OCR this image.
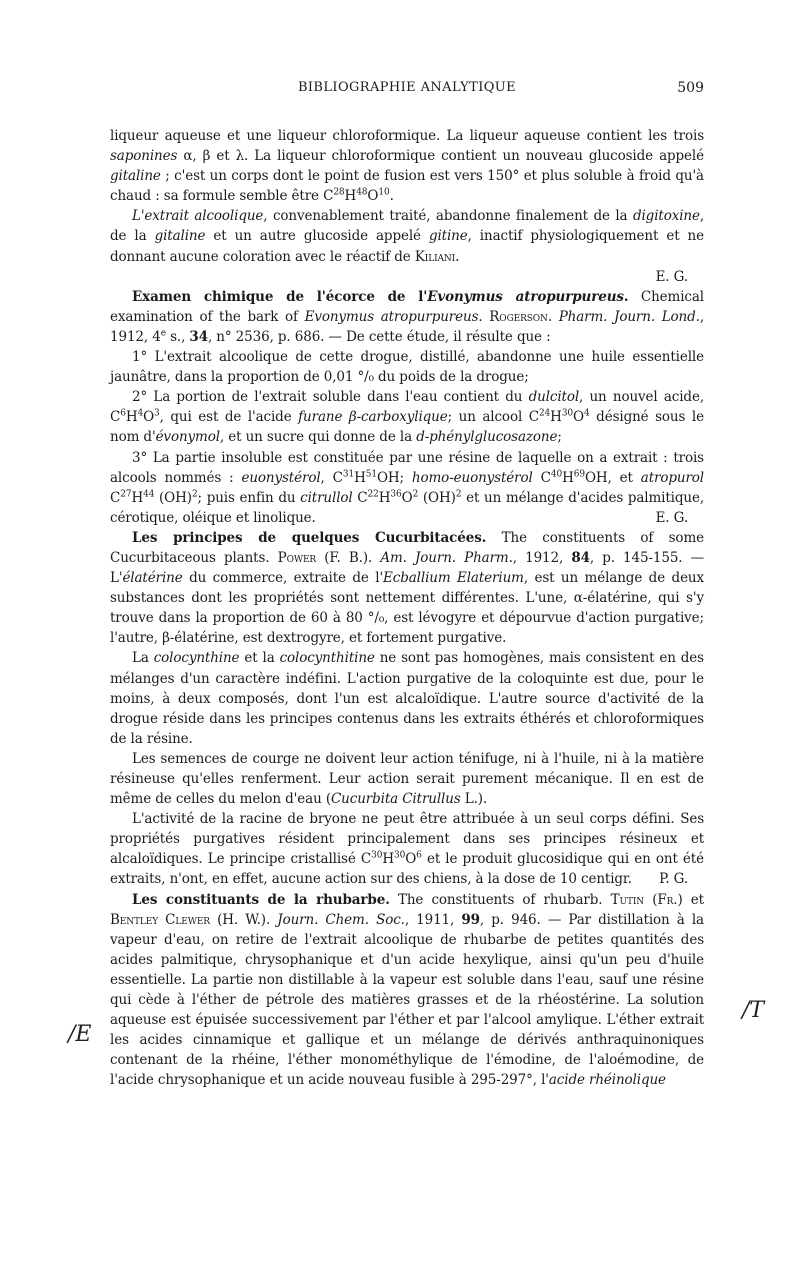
BIBLIOGRAPHIE ANALYTIQUE	509

liqueur aqueuse et une liqueur chloroformique. La liqueur aqueuse contient les trois saponines α, β et λ. La liqueur chloroformique contient un nouveau glucoside appelé gitaline ; c'est un corps dont le point de fusion est vers 150° et plus soluble à froid qu'à chaud : sa formule semble être $C^{28}H^{48}O^{10}$.

L'extrait alcoolique, convenablement traité, abandonne finalement de la digitoxine, de la gitaline et un autre glucoside appelé gitine, inactif physiologiquement et ne donnant aucune coloration avec le réactif de Kiliani.

E. G.

Examen chimique de l'écorce de l'Evonymus atropurpureus. Chemical examination of the bark of Evonymus atropurpureus. Rogerson. Pharm. Journ. Lond., 1912, 4e s., 34, n° 2536, p. 686. — De cette étude, il résulte que :

1° L'extrait alcoolique de cette drogue, distillé, abandonne une huile essentielle jaunâtre, dans la proportion de 0,01 °/₀ du poids de la drogue;

2° La portion de l'extrait soluble dans l'eau contient du dulcitol, un nouvel acide, $C^6H^4O^3$, qui est de l'acide furane β-carboxylique; un alcool $C^{24}H^{30}O^4$ désigné sous le nom d'évonymol, et un sucre qui donne de la d-phénylglucosazone;

3° La partie insoluble est constituée par une résine de laquelle on a extrait : trois alcools nommés : euonystérol, $C^{31}H^{51}OH$; homo-euonystérol $C^{40}H^{69}OH$, et atropurol $C^{27}H^{44}$ (OH)$^2$; puis enfin du citrullol $C^{22}H^{36}O^2$ (OH)$^2$ et un mélange d'acides palmitique, cérotique, oléique et linolique.	E. G.

Les principes de quelques Cucurbitacées. The constituents of some Cucurbitaceous plants. Power (F. B.). Am. Journ. Pharm., 1912, 84, p. 145-155. — L'élatérine du commerce, extraite de l'Ecballium Elaterium, est un mélange de deux substances dont les propriétés sont nettement différentes. L'une, α-élatérine, qui s'y trouve dans la proportion de 60 à 80 °/₀, est lévogyre et dépourvue d'action purgative; l'autre, β-élatérine, est dextrogyre, et fortement purgative.

La colocynthine et la colocynthitine ne sont pas homogènes, mais consistent en des mélanges d'un caractère indéfini. L'action purgative de la coloquinte est due, pour le moins, à deux composés, dont l'un est alcaloïdique. L'autre source d'activité de la drogue réside dans les principes contenus dans les extraits éthérés et chloroformiques de la résine.

Les semences de courge ne doivent leur action ténifuge, ni à l'huile, ni à la matière résineuse qu'elles renferment. Leur action serait purement mécanique. Il en est de même de celles du melon d'eau (Cucurbita Citrullus L.).

L'activité de la racine de bryone ne peut être attribuée à un seul corps défini. Ses propriétés purgatives résident principalement dans ses principes résineux et alcaloïdiques. Le principe cristallisé $C^{30}H^{30}O^6$ et le produit glucosidique qui en ont été extraits, n'ont, en effet, aucune action sur des chiens, à la dose de 10 centigr.	P. G.

Les constituants de la rhubarbe. The constituents of rhubarb. Tutin (Fr.) et Bentley Clewer (H. W.). Journ. Chem. Soc., 1911, 99, p. 946. — Par distillation à la vapeur d'eau, on retire de l'extrait alcoolique de rhubarbe de petites quantités des acides palmitique, chrysophanique et d'un acide hexylique, ainsi qu'un peu d'huile essentielle. La partie non distillable à la vapeur est soluble dans l'eau, sauf une résine qui cède à l'éther de pétrole des matières grasses et de la rhéostérine. La solution aqueuse est épuisée successivement par l'éther et par l'alcool amylique. L'éther extrait les acides cinnamique et gallique et un mélange de dérivés anthraquinoniques contenant de la rhéine, l'éther monométhylique de l'émodine, de l'aloémodine, de l'acide chrysophanique et un acide nouveau fusible à 295-297°, l'acide rhéinolique

/E
/T
